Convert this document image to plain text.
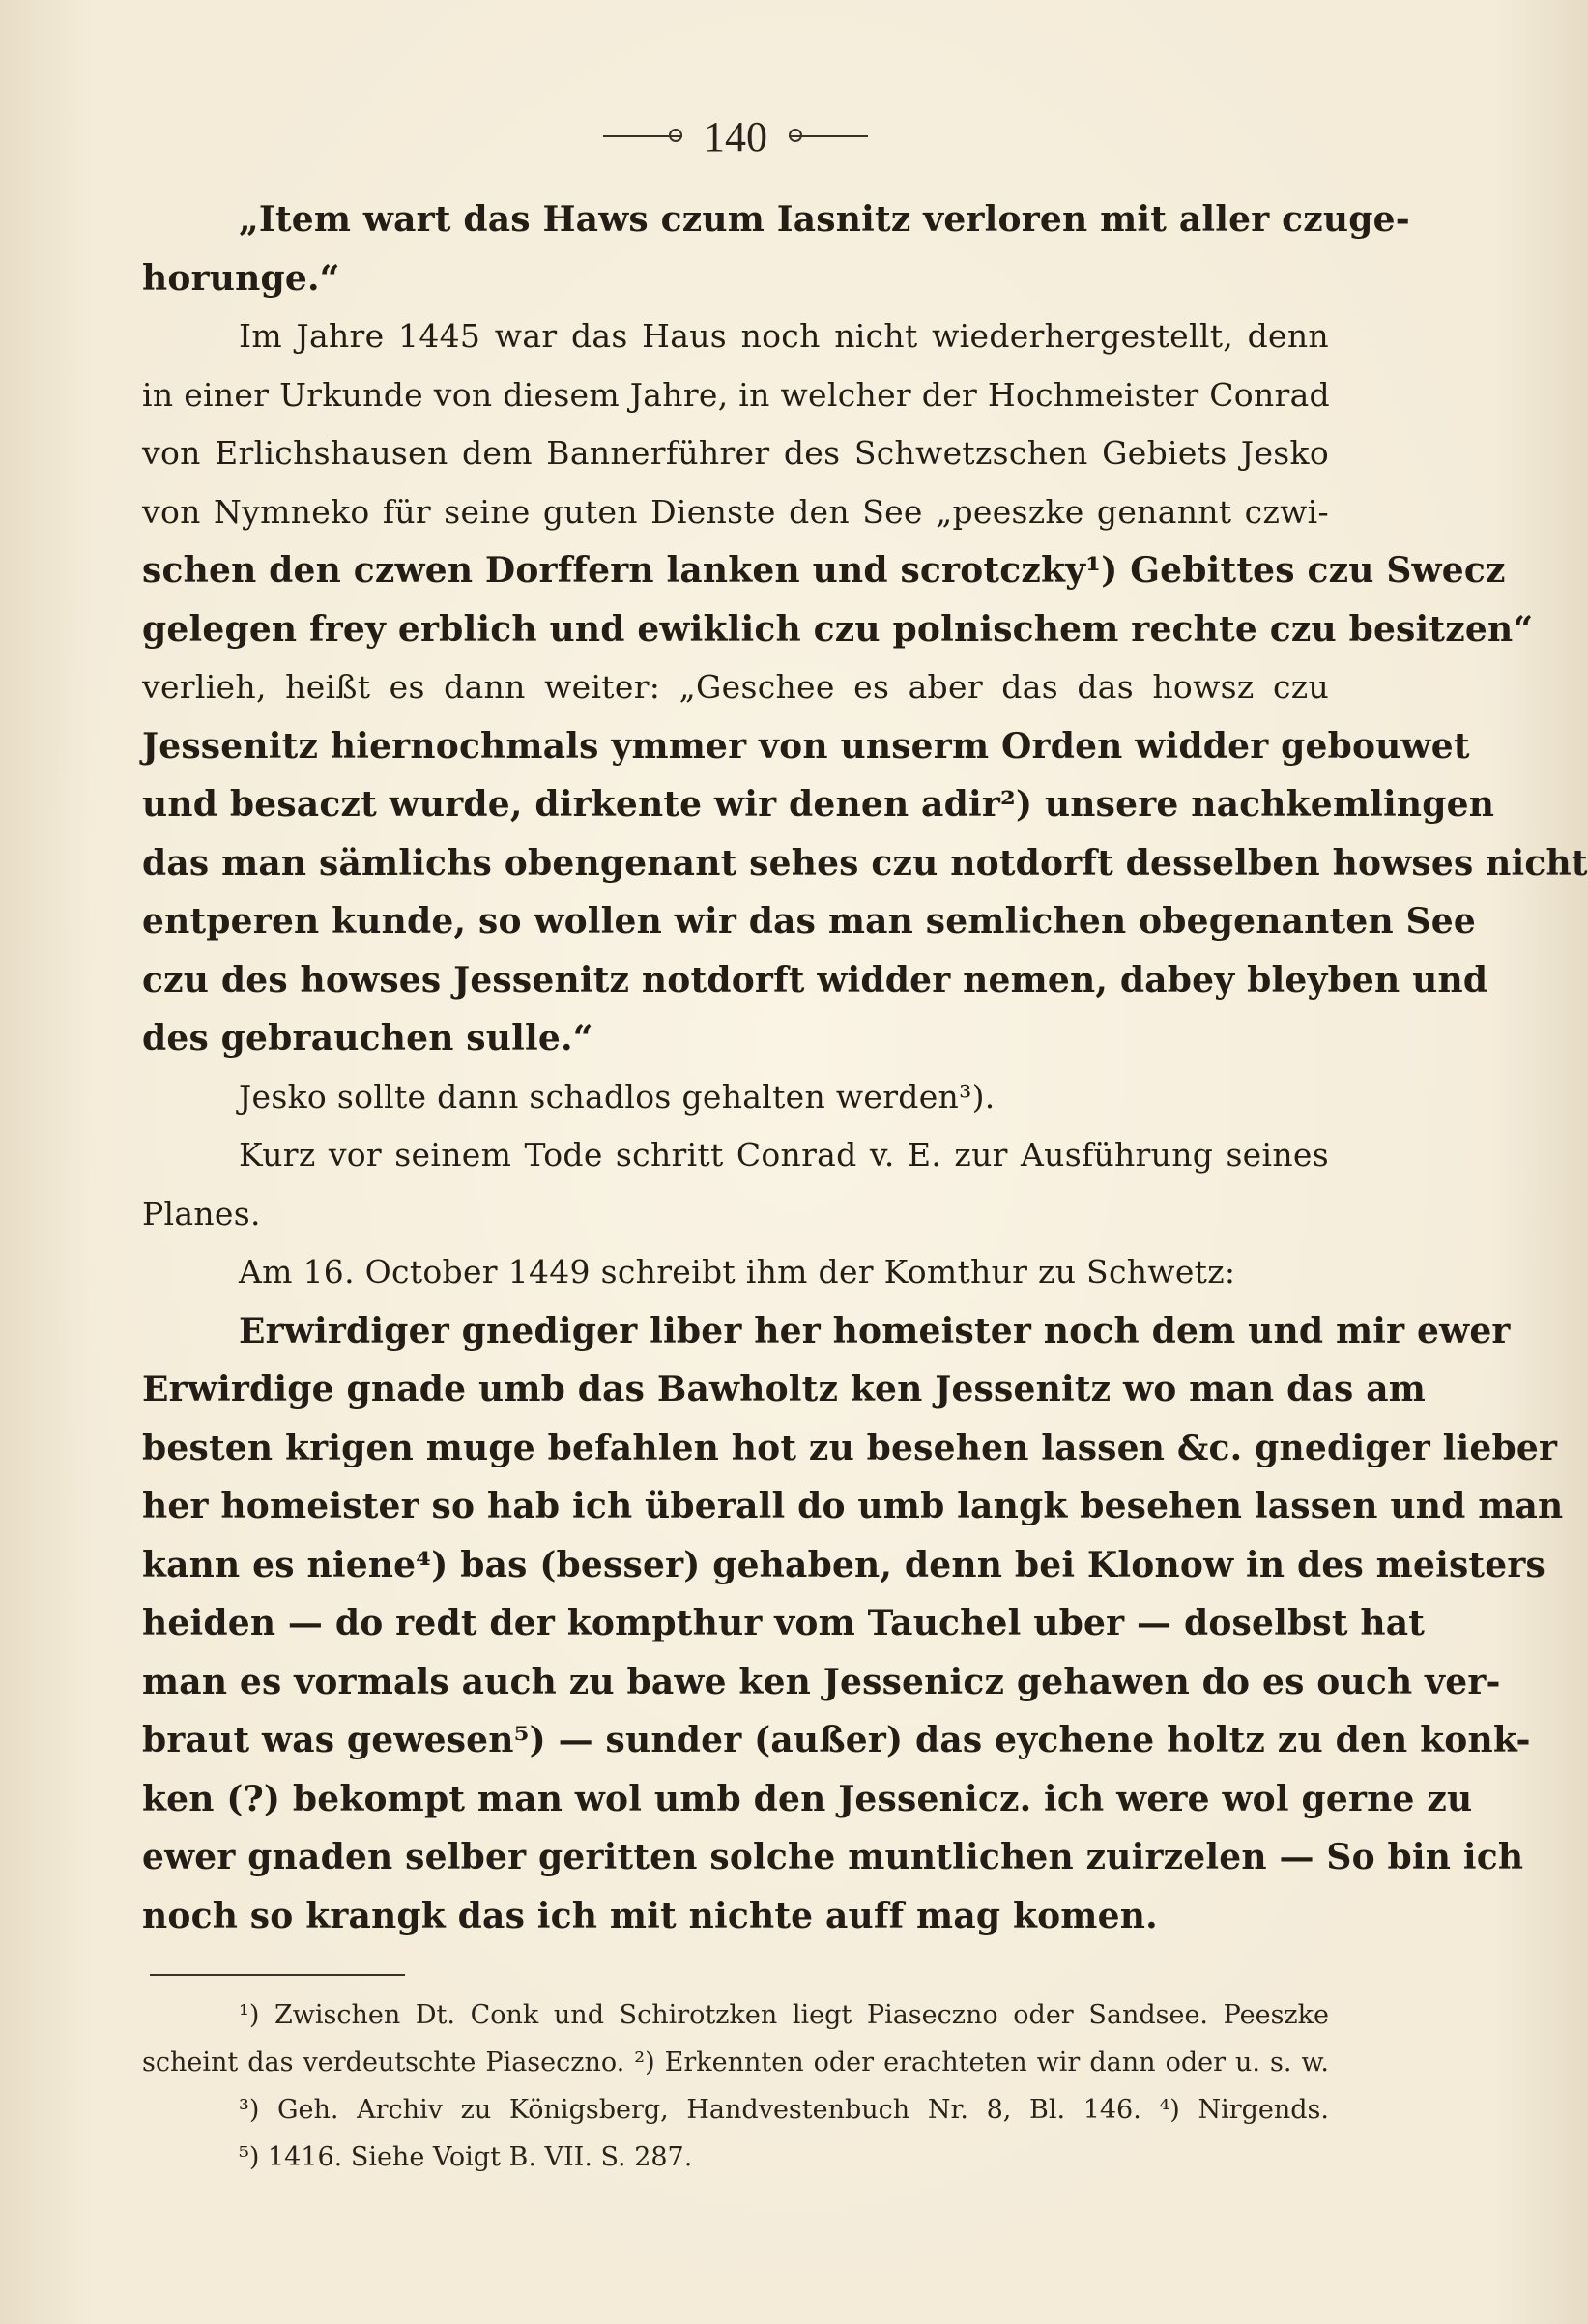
140
„Item wart das Haws czum Iasnitz verloren mit aller czuge-
horunge.“
Im Jahre 1445 war das Haus noch nicht wiederhergestellt, denn
in einer Urkunde von diesem Jahre, in welcher der Hochmeister Conrad
von Erlichshausen dem Bannerführer des Schwetzschen Gebiets Jesko
von Nymneko für seine guten Dienste den See „peeszke genannt czwi-
schen den czwen Dorffern lanken und scrotczky¹) Gebittes czu Swecz
gelegen frey erblich und ewiklich czu polnischem rechte czu besitzen“
verlieh, heißt es dann weiter: „Geschee es aber das das howsz czu
Jessenitz hiernochmals ymmer von unserm Orden widder gebouwet
und besaczt wurde, dirkente wir denen adir²) unsere nachkemlingen
das man sämlichs obengenant sehes czu notdorft desselben howses nicht
entperen kunde, so wollen wir das man semlichen obegenanten See
czu des howses Jessenitz notdorft widder nemen, dabey bleyben und
des gebrauchen sulle.“
Jesko sollte dann schadlos gehalten werden³).
Kurz vor seinem Tode schritt Conrad v. E. zur Ausführung seines
Planes.
Am 16. October 1449 schreibt ihm der Komthur zu Schwetz:
Erwirdiger gnediger liber her homeister noch dem und mir ewer
Erwirdige gnade umb das Bawholtz ken Jessenitz wo man das am
besten krigen muge befahlen hot zu besehen lassen &c. gnediger lieber
her homeister so hab ich überall do umb langk besehen lassen und man
kann es niene⁴) bas (besser) gehaben, denn bei Klonow in des meisters
heiden — do redt der kompthur vom Tauchel uber — doselbst hat
man es vormals auch zu bawe ken Jessenicz gehawen do es ouch ver-
braut was gewesen⁵) — sunder (außer) das eychene holtz zu den konk-
ken (?) bekompt man wol umb den Jessenicz. ich were wol gerne zu
ewer gnaden selber geritten solche muntlichen zuirzelen — So bin ich
noch so krangk das ich mit nichte auff mag komen.
¹) Zwischen Dt. Conk und Schirotzken liegt Piaseczno oder Sandsee. Peeszke
scheint das verdeutschte Piaseczno. ²) Erkennten oder erachteten wir dann oder u. s. w.
³) Geh. Archiv zu Königsberg, Handvestenbuch Nr. 8, Bl. 146. ⁴) Nirgends.
⁵) 1416. Siehe Voigt B. VII. S. 287.
